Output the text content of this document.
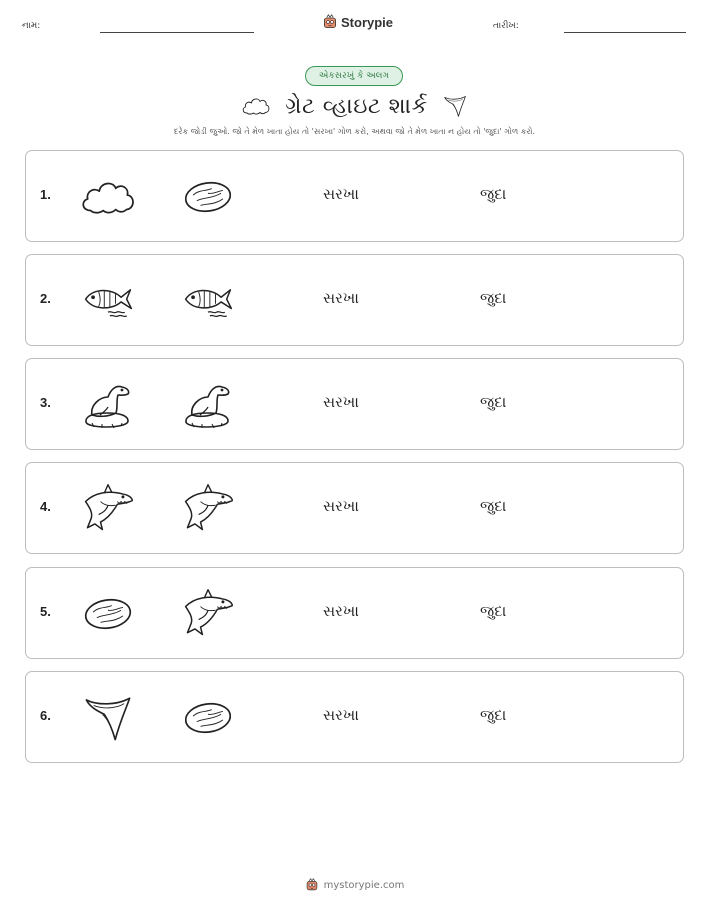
નામ:	Storypie	તારીખ:
એકસરખું કે અલગ
ગ્રેટ વ્હાઇટ શાર્ક
દરેક જોડી જુઓ. જો તે મેળ ખાતા હોય તો 'સરખા' ગોળ કરો, અથવા જો તે મેળ ખાતા ન હોય તો 'જુદા' ગોળ કરો.
1.	સરખા	જુદા
2.	સરખા	જુદા
3.	સરખા	જુદા
4.	સરખા	જુદા
5.	સરખા	જુદા
6.	સરખા	જુદા
mystorypie.com
